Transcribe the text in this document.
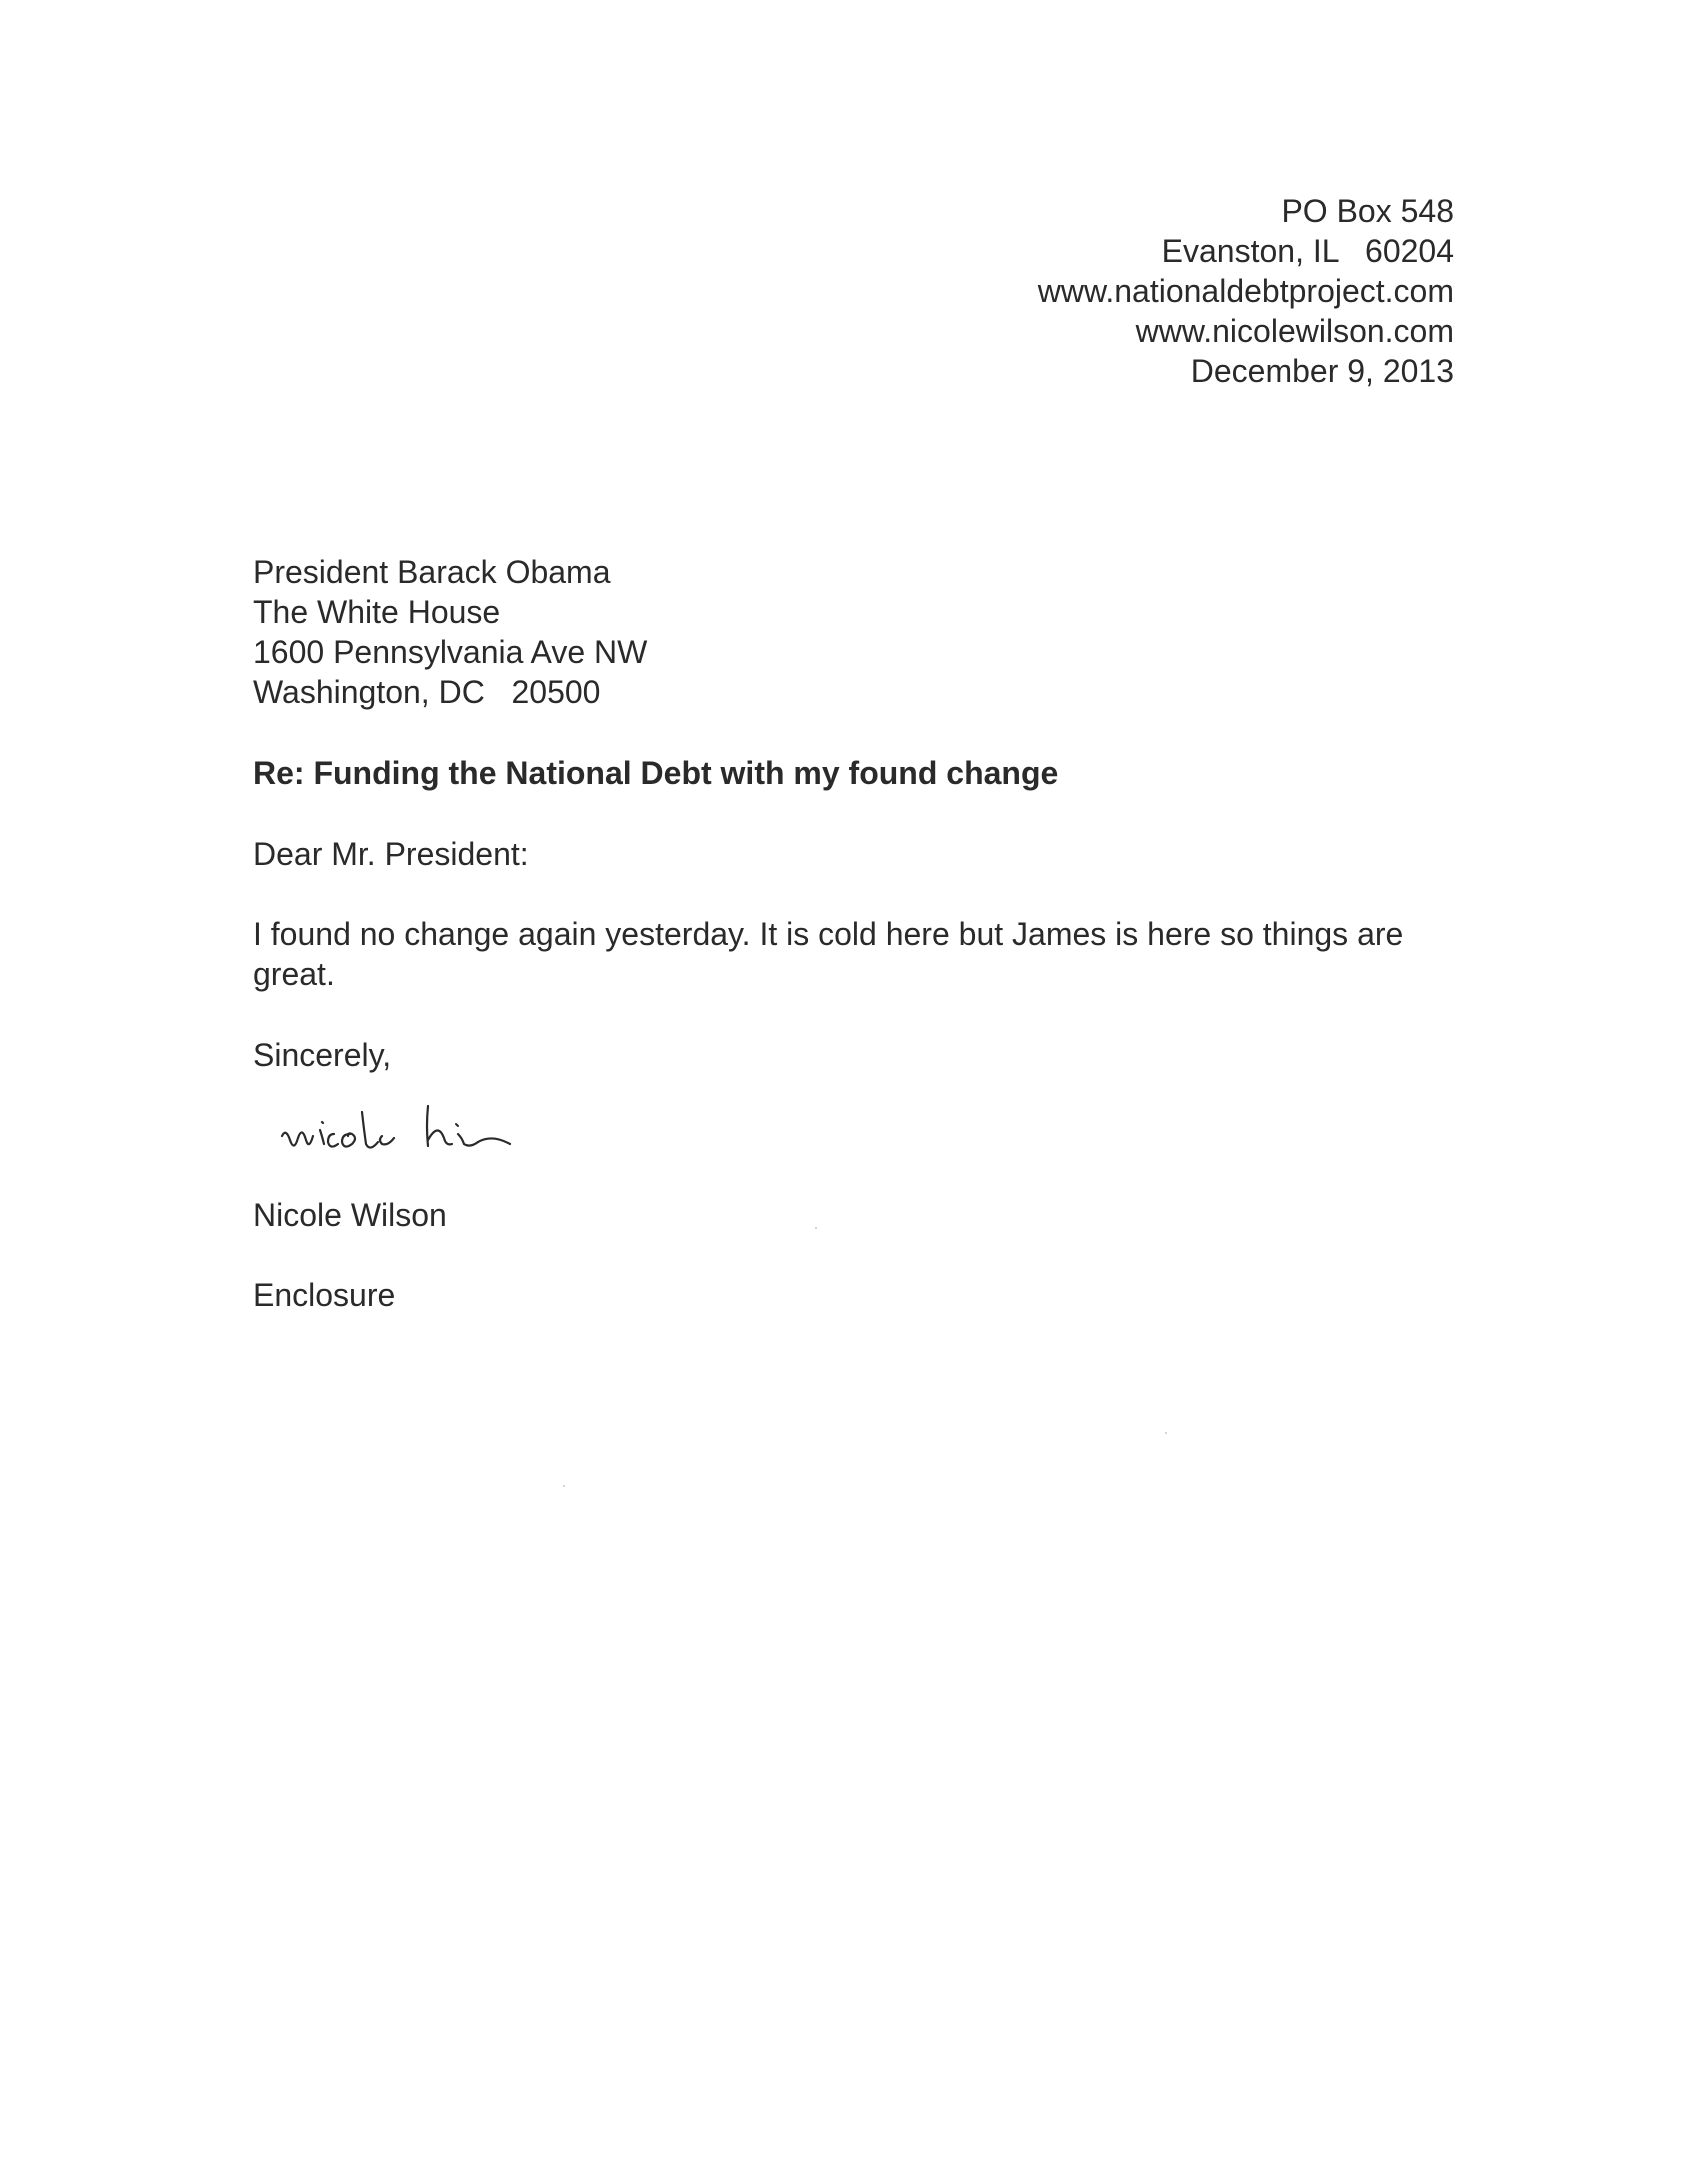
PO Box 548
Evanston, IL   60204
www.nationaldebtproject.com
www.nicolewilson.com
December 9, 2013
President Barack Obama
The White House
1600 Pennsylvania Ave NW
Washington, DC   20500
Re: Funding the National Debt with my found change
Dear Mr. President:
I found no change again yesterday. It is cold here but James is here so things are great.
Sincerely,
Nicole Wilson
Enclosure
